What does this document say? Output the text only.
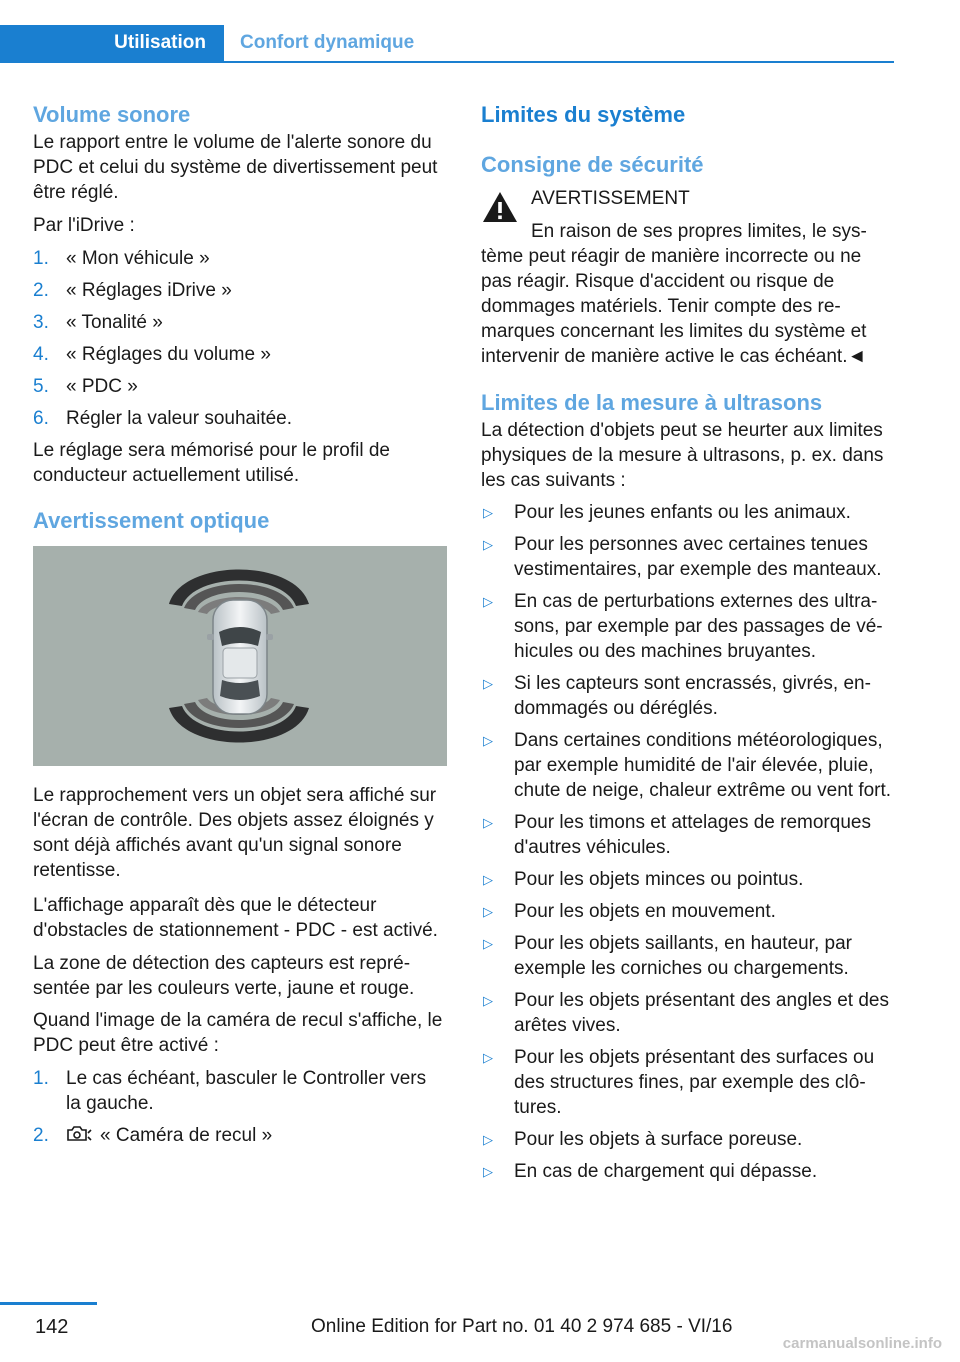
Utilisation	Confort dynamique
Volume sonore

Le rapport entre le volume de l'alerte sonore du PDC et celui du système de divertissement peut être réglé.

Par l'iDrive :

1. « Mon véhicule »
2. « Réglages iDrive »
3. « Tonalité »
4. « Réglages du volume »
5. « PDC »
6. Régler la valeur souhaitée.

Le réglage sera mémorisé pour le profil de conducteur actuellement utilisé.

Avertissement optique

Le rapprochement vers un objet sera affiché sur l'écran de contrôle. Des objets assez éloignés y sont déjà affichés avant qu'un signal sonore retentisse.

L'affichage apparaît dès que le détecteur d'obstacles de stationnement - PDC - est activé.

La zone de détection des capteurs est représentée par les couleurs verte, jaune et rouge.

Quand l'image de la caméra de recul s'affiche, le PDC peut être activé :

1. Le cas échéant, basculer le Controller vers la gauche.
2.	« Caméra de recul »
Limites du système
Consigne de sécurité

AVERTISSEMENT

En raison de ses propres limites, le système peut réagir de manière incorrecte ou ne pas réagir. Risque d'accident ou risque de dommages matériels. Tenir compte des remarques concernant les limites du système et intervenir de manière active le cas échéant.◄

Limites de la mesure à ultrasons

La détection d'objets peut se heurter aux limites physiques de la mesure à ultrasons, p. ex. dans les cas suivants :

▷ Pour les jeunes enfants ou les animaux.
▷ Pour les personnes avec certaines tenues vestimentaires, par exemple des manteaux.
▷ En cas de perturbations externes des ultrasons, par exemple par des passages de véhicules ou des machines bruyantes.
▷ Si les capteurs sont encrassés, givrés, endommagés ou déréglés.
▷ Dans certaines conditions météorologiques, par exemple humidité de l'air élevée, pluie, chute de neige, chaleur extrême ou vent fort.
▷ Pour les timons et attelages de remorques d'autres véhicules.
▷ Pour les objets minces ou pointus.
▷ Pour les objets en mouvement.
▷ Pour les objets saillants, en hauteur, par exemple les corniches ou chargements.
▷ Pour les objets présentant des angles et des arêtes vives.
▷ Pour les objets présentant des surfaces ou des structures fines, par exemple des clôtures.
▷ Pour les objets à surface poreuse.
▷ En cas de chargement qui dépasse.
142	Online Edition for Part no. 01 40 2 974 685 - VI/16
carmanualsonline.info
